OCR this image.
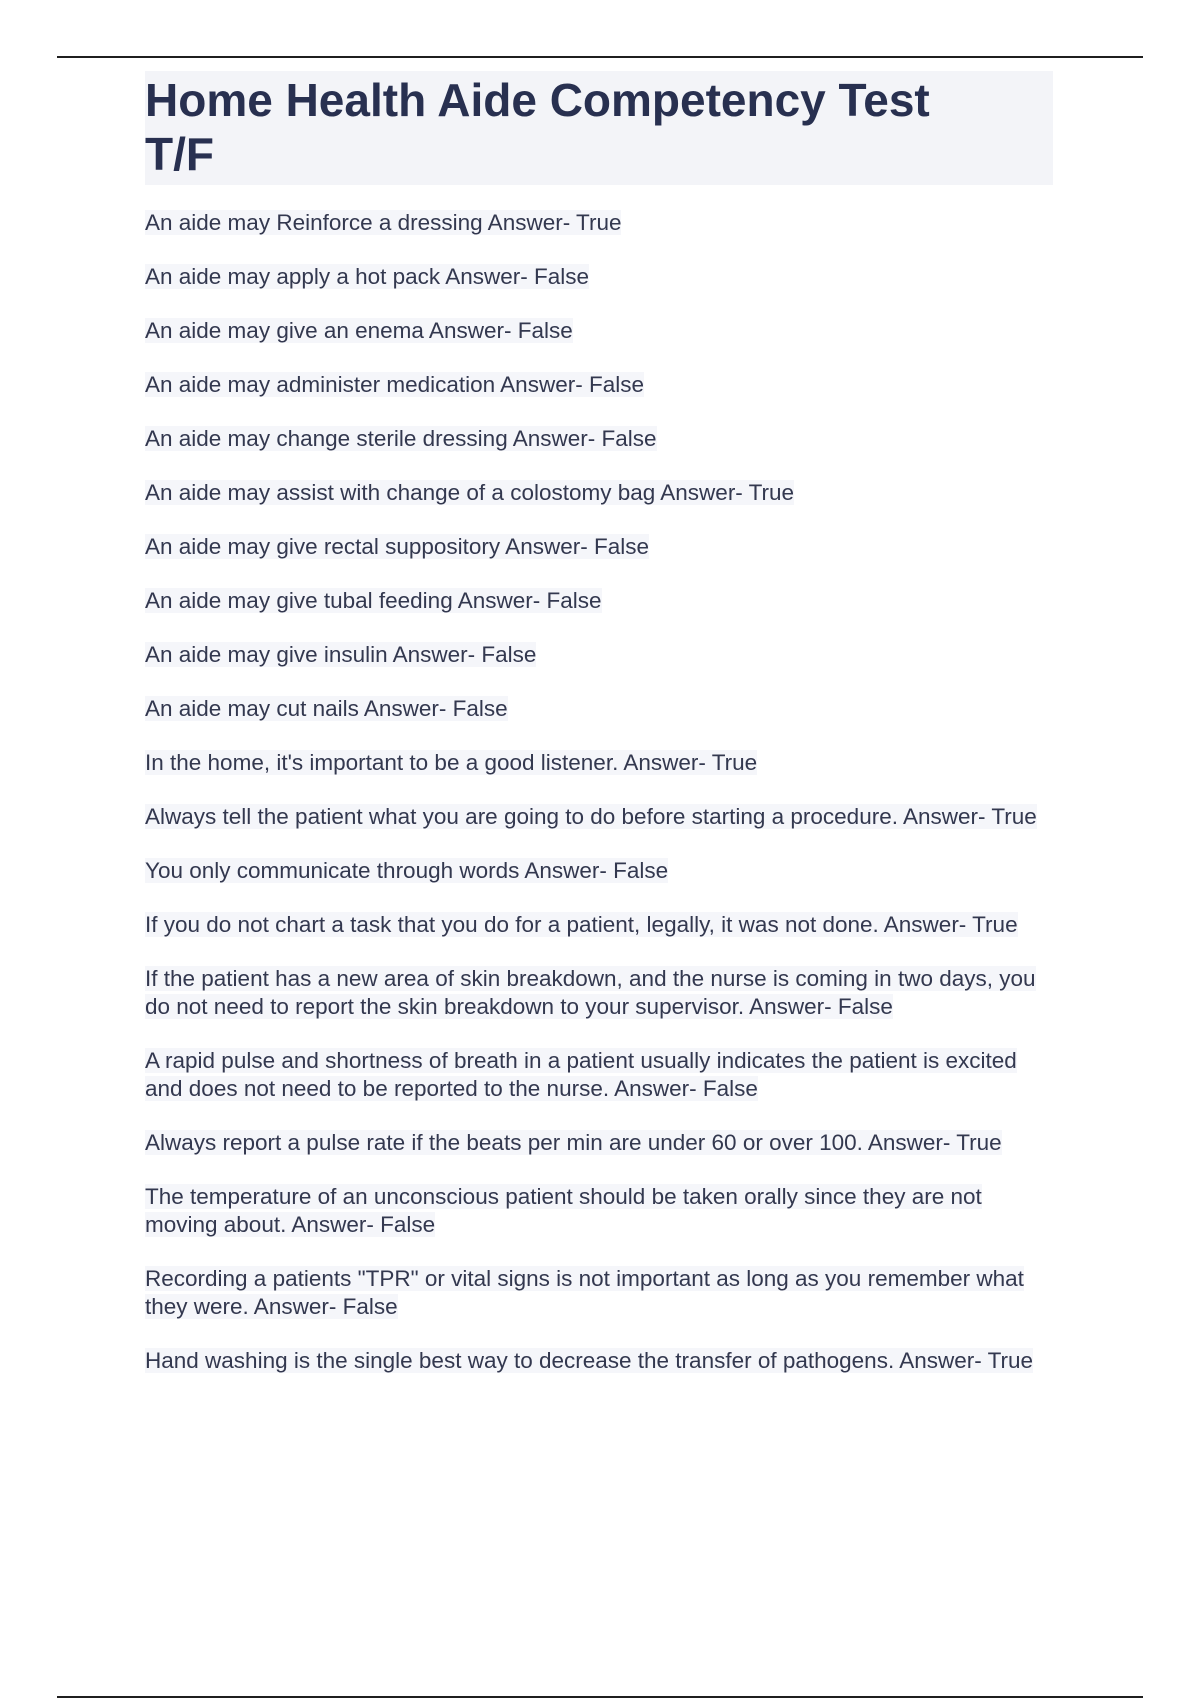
Home Health Aide Competency Test
T/F
An aide may Reinforce a dressing Answer- True
An aide may apply a hot pack Answer- False
An aide may give an enema Answer- False
An aide may administer medication Answer- False
An aide may change sterile dressing Answer- False
An aide may assist with change of a colostomy bag Answer- True
An aide may give rectal suppository Answer- False
An aide may give tubal feeding Answer- False
An aide may give insulin Answer- False
An aide may cut nails Answer- False
In the home, it's important to be a good listener. Answer- True
Always tell the patient what you are going to do before starting a procedure. Answer- True
You only communicate through words Answer- False
If you do not chart a task that you do for a patient, legally, it was not done. Answer- True
If the patient has a new area of skin breakdown, and the nurse is coming in two days, you do not need to report the skin breakdown to your supervisor. Answer- False
A rapid pulse and shortness of breath in a patient usually indicates the patient is excited and does not need to be reported to the nurse. Answer- False
Always report a pulse rate if the beats per min are under 60 or over 100. Answer- True
The temperature of an unconscious patient should be taken orally since they are not moving about. Answer- False
Recording a patients "TPR" or vital signs is not important as long as you remember what they were. Answer- False
Hand washing is the single best way to decrease the transfer of pathogens. Answer- True
